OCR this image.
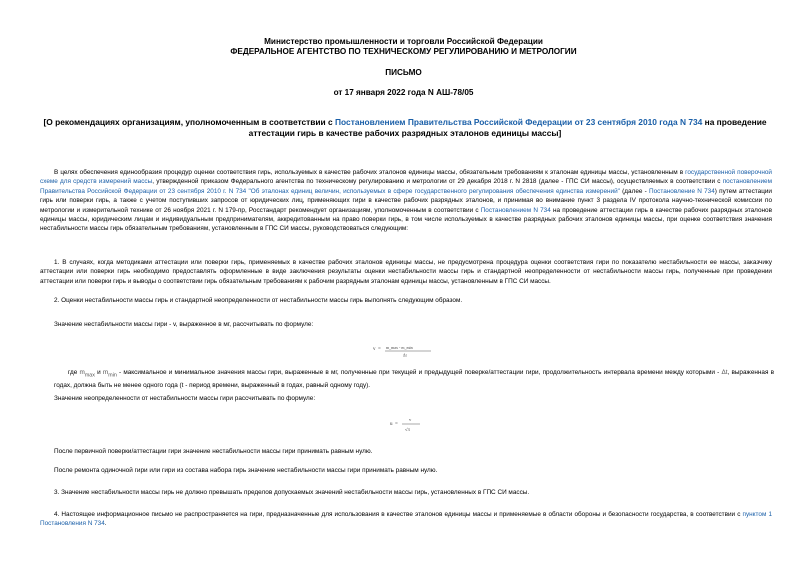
Министерство промышленности и торговли Российской Федерации
ФЕДЕРАЛЬНОЕ АГЕНТСТВО ПО ТЕХНИЧЕСКОМУ РЕГУЛИРОВАНИЮ И МЕТРОЛОГИИ
ПИСЬМО
от 17 января 2022 года N АШ-78/05
[О рекомендациях организациям, уполномоченным в соответствии с Постановлением Правительства Российской Федерации от 23 сентября 2010 года N 734 на проведение аттестации гирь в качестве рабочих разрядных эталонов единицы массы]
В целях обеспечения единообразия процедур оценки соответствия гирь, используемых в качестве рабочих эталонов единицы массы, обязательным требованиям к эталонам единицы массы, установленным в государственной поверочной схеме для средств измерений массы, утвержденной приказом Федерального агентства по техническому регулированию и метрологии от 29 декабря 2018 г. N 2818 (далее - ГПС СИ массы), осуществляемых в соответствии с постановлением Правительства Российской Федерации от 23 сентября 2010 г. N 734 "Об эталонах единиц величин, используемых в сфере государственного регулирования обеспечения единства измерений" (далее - Постановление N 734) путем аттестации гирь или поверки гирь, а также с учетом поступивших запросов от юридических лиц, применяющих гири в качестве рабочих разрядных эталонов, и принимая во внимание пункт 3 раздела IV протокола научно-технической комиссии по метрологии и измерительной технике от 26 ноября 2021 г. N 179-пр, Росстандарт рекомендует организациям, уполномоченным в соответствии с Постановлением N 734 на проведение аттестации гирь в качестве рабочих разрядных эталонов единицы массы, юридическим лицам и индивидуальным предпринимателям, аккредитованным на право поверки гирь, в том числе используемых в качестве разрядных рабочих эталонов единицы массы, при оценке соответствия значения нестабильности массы гирь обязательным требованиям, установленным в ГПС СИ массы, руководствоваться следующим:
1. В случаях, когда методиками аттестации или поверки гирь, применяемых в качестве рабочих эталонов единицы массы, не предусмотрена процедура оценки соответствия гири по показателю нестабильности ее массы, заказчику аттестации или поверки гирь необходимо предоставлять оформленные в виде заключения результаты оценки нестабильности массы гирь и стандартной неопределенности от нестабильности массы гирь, полученные при проведении аттестации или поверки гирь и выводы о соответствии гирь обязательным требованиям к рабочим разрядным эталонам единицы массы, установленным в ГПС СИ массы.
2. Оценки нестабильности массы гирь и стандартной неопределенности от нестабильности массы гирь выполнять следующим образом.
Значение нестабильности массы гири - v, выраженное в мг, рассчитывать по формуле:
v = m_max - m_min
Δt
где $m_{max}$ и $m_{min}$ - максимальное и минимальное значения массы гири, выраженные в мг, полученные при текущей и предыдущей поверке/аттестации гири, продолжительность интервала времени между которыми - Δt, выраженная в годах, должна быть не менее одного года (t - период времени, выраженный в годах, равный одному году).
Значение неопределенности от нестабильности массы гири рассчитывать по формуле:
u =
v
√3
После первичной поверки/аттестации гири значение нестабильности массы гири принимать равным нулю.
После ремонта одиночной гири или гири из состава набора гирь значение нестабильности массы гири принимать равным нулю.
3. Значение нестабильности массы гирь не должно превышать пределов допускаемых значений нестабильности массы гирь, установленных в ГПС СИ массы.
4. Настоящее информационное письмо не распространяется на гири, предназначенные для использования в качестве эталонов единицы массы и применяемые в области обороны и безопасности государства, в соответствии с пунктом 1 Постановления N 734.
